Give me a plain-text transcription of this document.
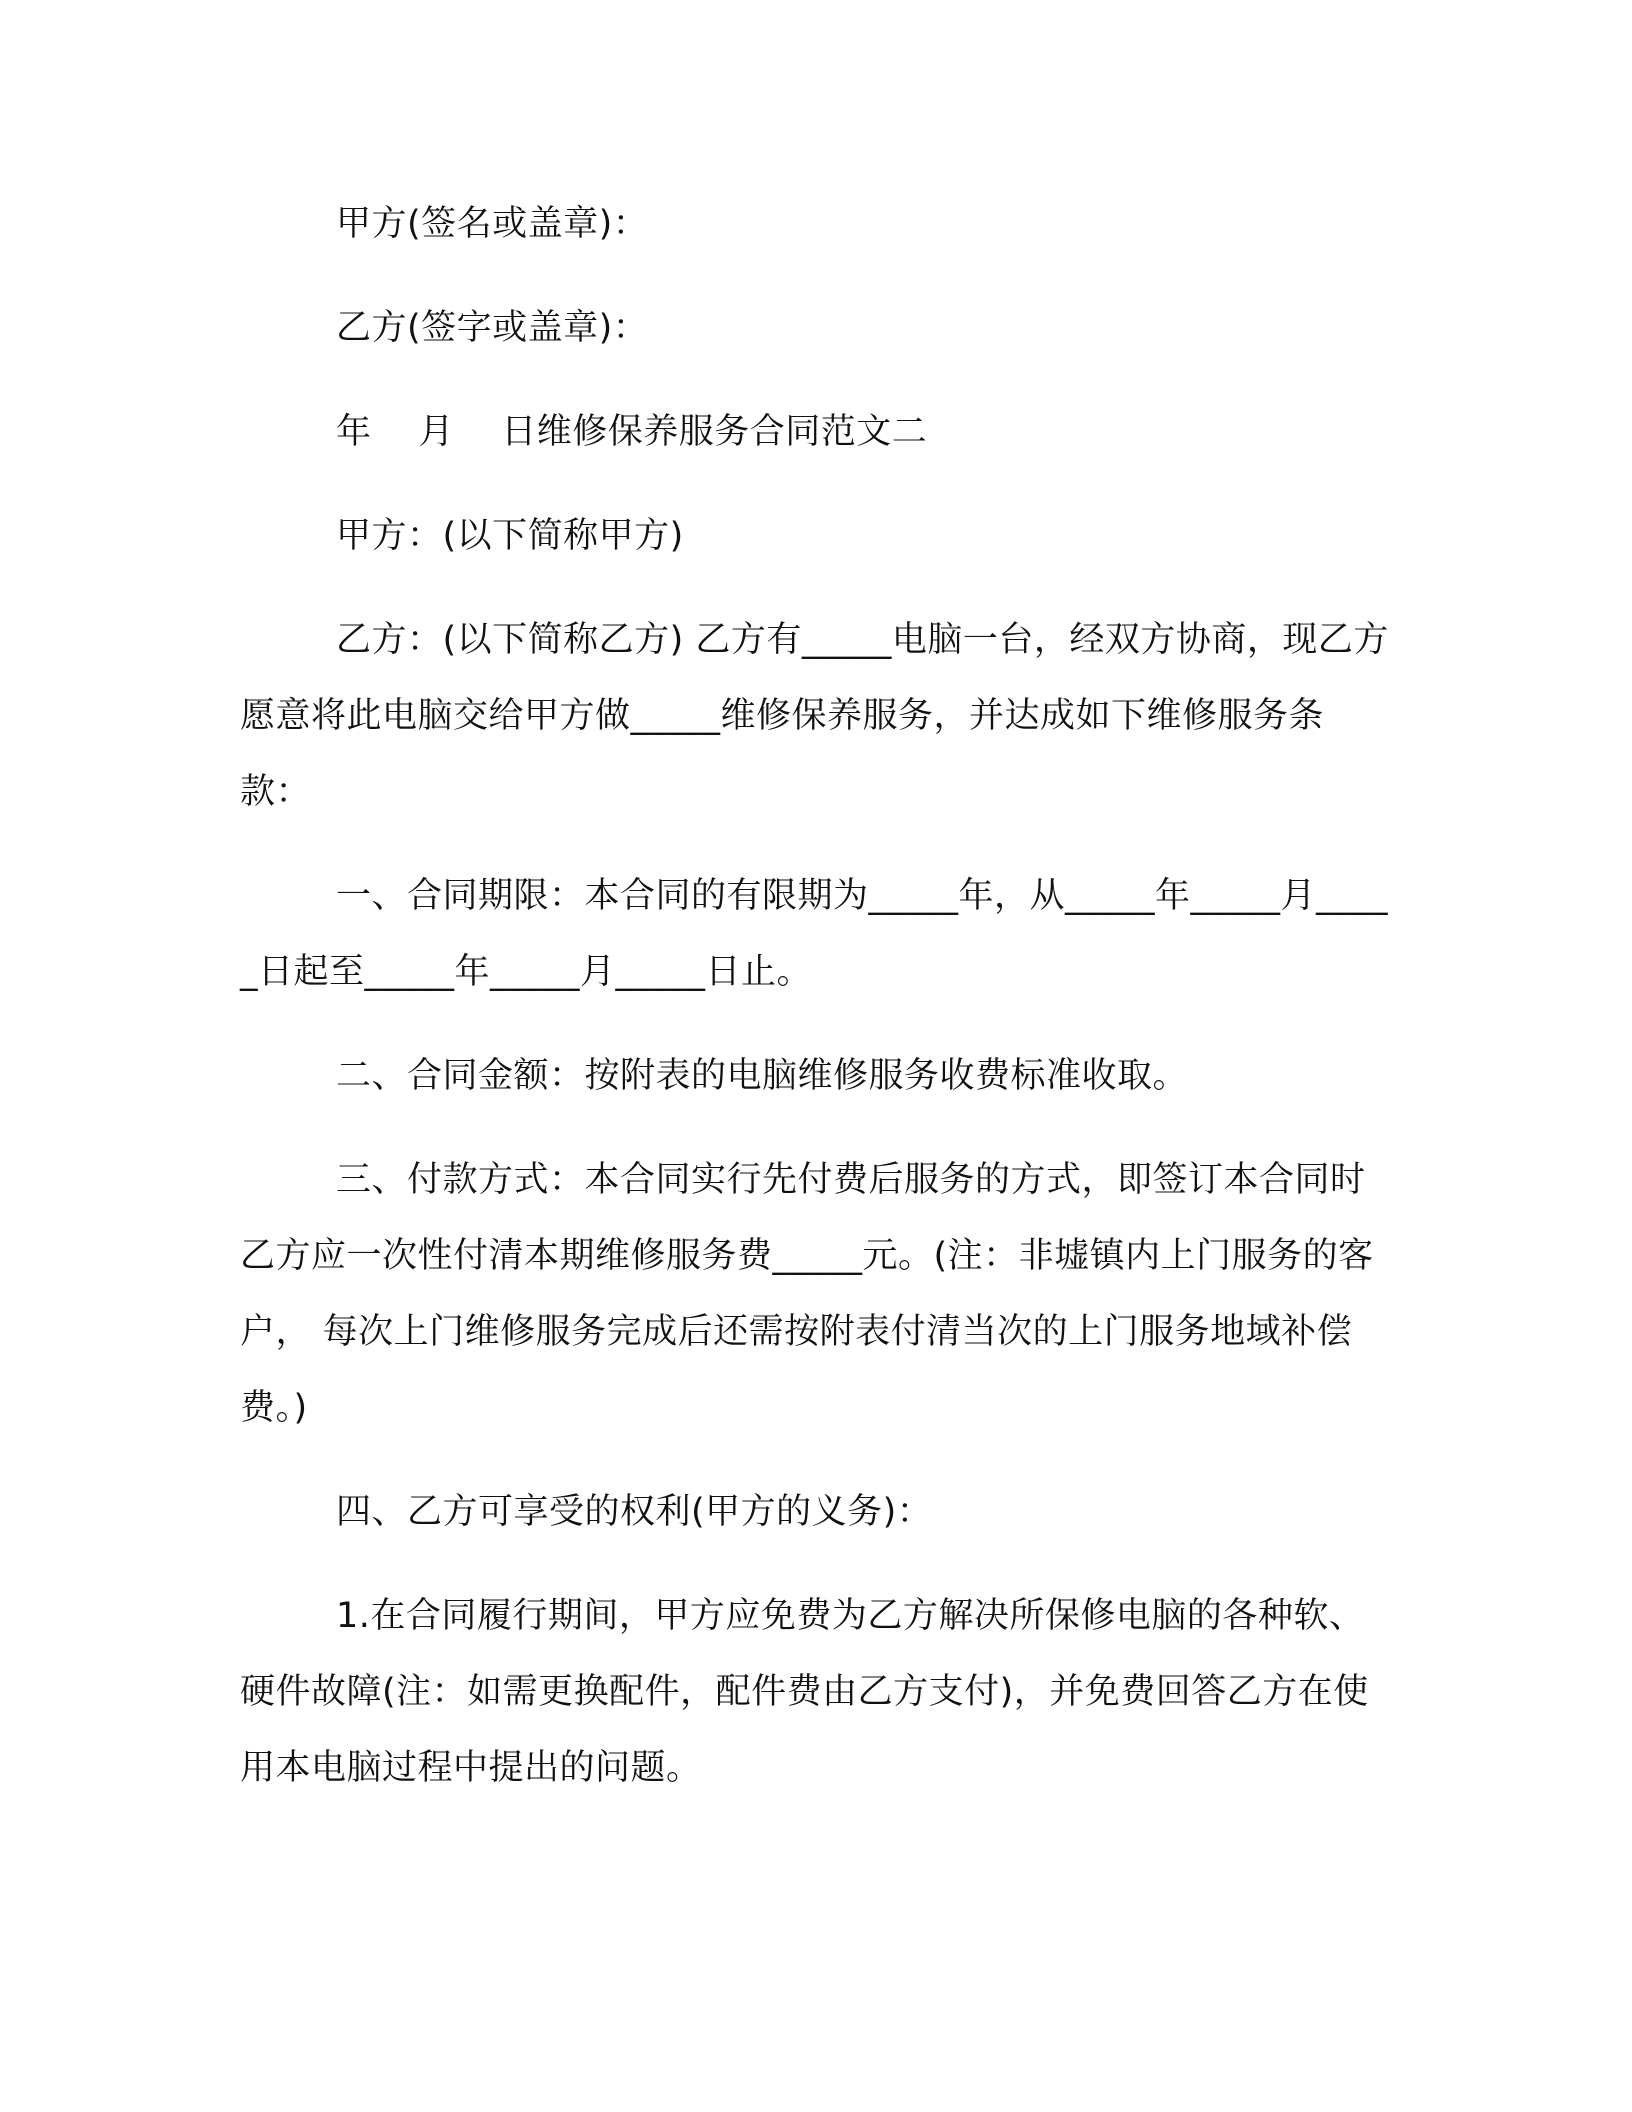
甲方(签名或盖章)：

乙方(签字或盖章)：

年　 月　 日维修保养服务合同范文二

甲方：(以下简称甲方)

乙方：(以下简称乙方) 乙方有_____电脑一台，经双方协商，现乙方愿意将此电脑交给甲方做_____维修保养服务，并达成如下维修服务条款：

一、合同期限：本合同的有限期为_____年，从_____年_____月_____日起至_____年_____月_____日止。

二、合同金额：按附表的电脑维修服务收费标准收取。

三、付款方式：本合同实行先付费后服务的方式，即签订本合同时乙方应一次性付清本期维修服务费_____元。(注：非墟镇内上门服务的客户， 每次上门维修服务完成后还需按附表付清当次的上门服务地域补偿费。)

四、乙方可享受的权利(甲方的义务)：

1.在合同履行期间，甲方应免费为乙方解决所保修电脑的各种软、硬件故障(注：如需更换配件，配件费由乙方支付)，并免费回答乙方在使用本电脑过程中提出的问题。
